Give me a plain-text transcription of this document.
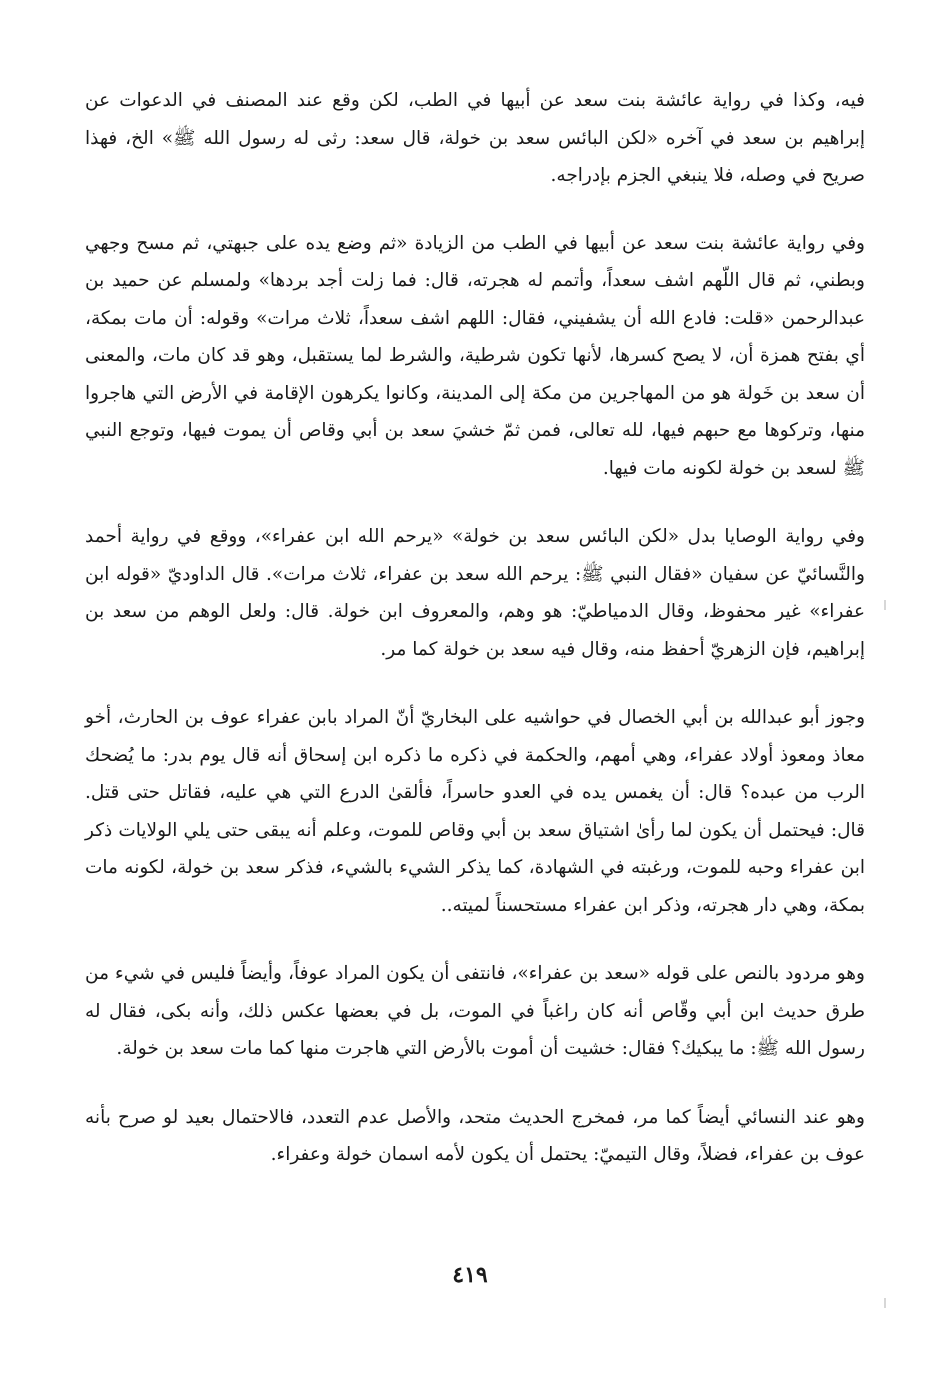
فيه، وكذا في رواية عائشة بنت سعد عن أبيها في الطب، لكن وقع عند المصنف في الدعوات عن إبراهيم بن سعد في آخره «لكن البائس سعد بن خولة، قال سعد: رثى له رسول الله ﷺ» الخ، فهذا صريح في وصله، فلا ينبغي الجزم بإدراجه.

وفي رواية عائشة بنت سعد عن أبيها في الطب من الزيادة «ثم وضع يده على جبهتي، ثم مسح وجهي وبطني، ثم قال اللّهم اشف سعداً، وأتمم له هجرته، قال: فما زلت أجد بردها» ولمسلم عن حميد بن عبدالرحمن «قلت: فادع الله أن يشفيني، فقال: اللهم اشف سعداً، ثلاث مرات» وقوله: أن مات بمكة، أي بفتح همزة أن، لا يصح كسرها، لأنها تكون شرطية، والشرط لما يستقبل، وهو قد كان مات، والمعنى أن سعد بن خَولة هو من المهاجرين من مكة إلى المدينة، وكانوا يكرهون الإقامة في الأرض التي هاجروا منها، وتركوها مع حبهم فيها، لله تعالى، فمن ثمّ خشيَ سعد بن أبي وقاص أن يموت فيها، وتوجع النبي ﷺ لسعد بن خولة لكونه مات فيها.

وفي رواية الوصايا بدل «لكن البائس سعد بن خولة» «يرحم الله ابن عفراء»، ووقع في رواية أحمد والنَّسائيّ عن سفيان «فقال النبي ﷺ: يرحم الله سعد بن عفراء، ثلاث مرات». قال الداوديّ «قوله ابن عفراء» غير محفوظ، وقال الدمياطيّ: هو وهم، والمعروف ابن خولة. قال: ولعل الوهم من سعد بن إبراهيم، فإن الزهريّ أحفظ منه، وقال فيه سعد بن خولة كما مر.

وجوز أبو عبدالله بن أبي الخصال في حواشيه على البخاريّ أنّ المراد بابن عفراء عوف بن الحارث، أخو معاذ ومعوذ أولاد عفراء، وهي أمهم، والحكمة في ذكره ما ذكره ابن إسحاق أنه قال يوم بدر: ما يُضحك الرب من عبده؟ قال: أن يغمس يده في العدو حاسراً، فألقىٰ الدرع التي هي عليه، فقاتل حتى قتل. قال: فيحتمل أن يكون لما رأىٰ اشتياق سعد بن أبي وقاص للموت، وعلم أنه يبقى حتى يلي الولايات ذكر ابن عفراء وحبه للموت، ورغبته في الشهادة، كما يذكر الشيء بالشيء، فذكر سعد بن خولة، لكونه مات بمكة، وهي دار هجرته، وذكر ابن عفراء مستحسناً لميته..

وهو مردود بالنص على قوله «سعد بن عفراء»، فانتفى أن يكون المراد عوفاً، وأيضاً فليس في شيء من طرق حديث ابن أبي وقّاص أنه كان راغباً في الموت، بل في بعضها عكس ذلك، وأنه بكى، فقال له رسول الله ﷺ: ما يبكيك؟ فقال: خشيت أن أموت بالأرض التي هاجرت منها كما مات سعد بن خولة.

وهو عند النسائي أيضاً كما مر، فمخرج الحديث متحد، والأصل عدم التعدد، فالاحتمال بعيد لو صرح بأنه عوف بن عفراء، فضلاً، وقال التيميّ: يحتمل أن يكون لأمه اسمان خولة وعفراء.

٤١٩
